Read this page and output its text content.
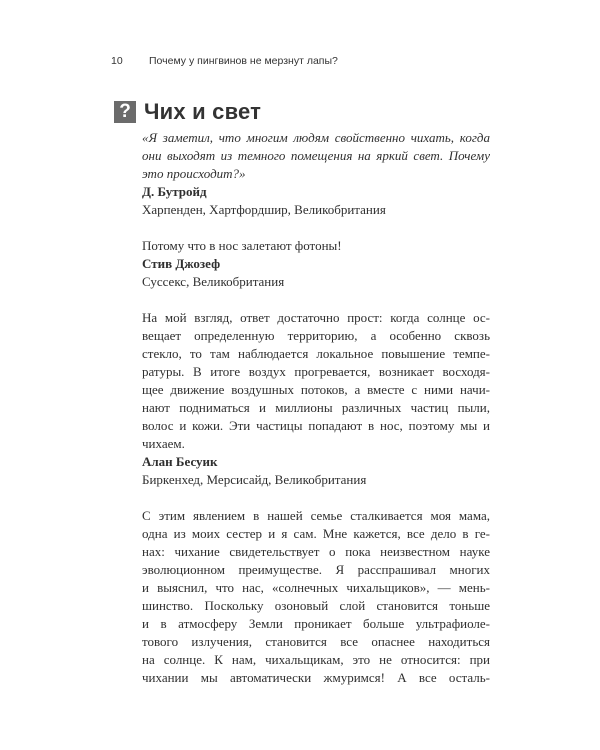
10	Почему у пингвинов не мерзнут лапы?
? Чих и свет
«Я заметил, что многим людям свойственно чихать, когда
они выходят из темного помещения на яркий свет. Почему
это происходит?»

Д. Бутройд

Харпенден, Хартфордшир, Великобритания

Потому что в нос залетают фотоны!

Стив Джозеф

Суссекс, Великобритания

На мой взгляд, ответ достаточно прост: когда солнце ос-
вещает определенную территорию, а особенно сквозь
стекло, то там наблюдается локальное повышение темпе-
ратуры. В итоге воздух прогревается, возникает восходя-
щее движение воздушных потоков, а вместе с ними начи-
нают подниматься и миллионы различных частиц пыли,
волос и кожи. Эти частицы попадают в нос, поэтому мы и
чихаем.

Алан Бесуик

Биркенхед, Мерсисайд, Великобритания

С этим явлением в нашей семье сталкивается моя мама,
одна из моих сестер и я сам. Мне кажется, все дело в ге-
нах: чихание свидетельствует о пока неизвестном науке
эволюционном преимуществе. Я расспрашивал многих
и выяснил, что нас, «солнечных чихальщиков», — мень-
шинство. Поскольку озоновый слой становится тоньше
и в атмосферу Земли проникает больше ультрафиоле-
тового излучения, становится все опаснее находиться
на солнце. К нам, чихальщикам, это не относится: при
чихании мы автоматически жмуримся! А все осталь-
